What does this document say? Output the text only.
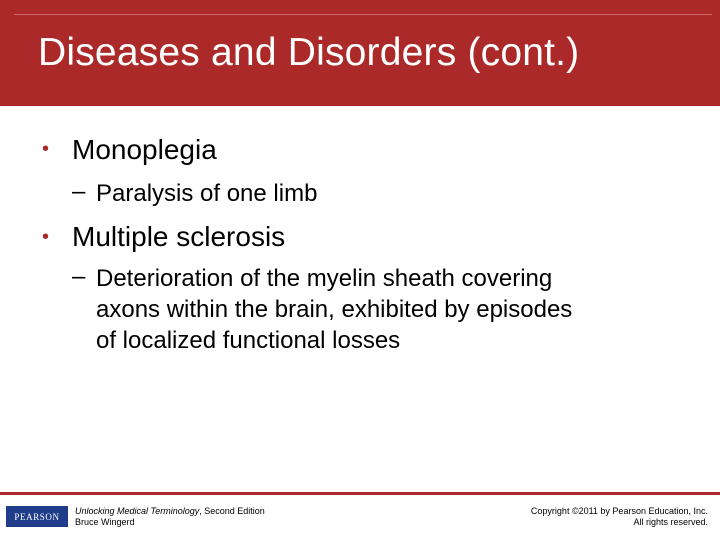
Diseases and Disorders (cont.)
• Monoplegia
– Paralysis of one limb
• Multiple sclerosis
– Deterioration of the myelin sheath covering
axons within the brain, exhibited by episodes
of localized functional losses
PEARSON
Unlocking Medical Terminology, Second Edition
Bruce Wingerd
Copyright ©2011 by Pearson Education, Inc.
All rights reserved.
